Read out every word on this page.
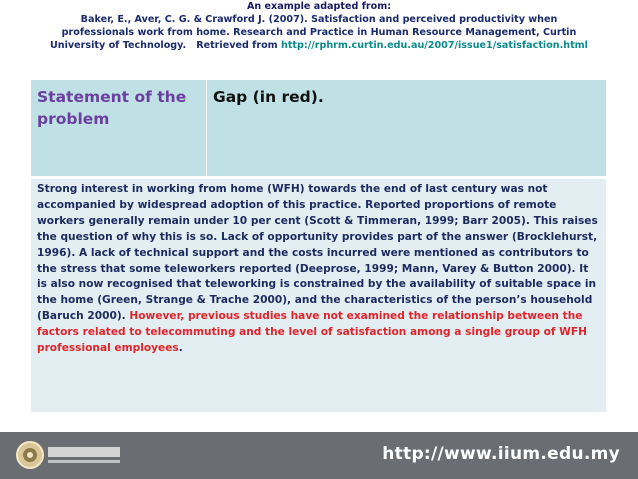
An example adapted from:
Baker, E., Aver, C. G. & Crawford J. (2007). Satisfaction and perceived productivity when
professionals work from home. Research and Practice in Human Resource Management, Curtin
University of Technology.   Retrieved from http://rphrm.curtin.edu.au/2007/issue1/satisfaction.html
Statement of the problem
Gap (in red).
Strong interest in working from home (WFH) towards the end of last century was not accompanied by widespread adoption of this practice. Reported proportions of remote workers generally remain under 10 per cent (Scott & Timmeran, 1999; Barr 2005). This raises the question of why this is so. Lack of opportunity provides part of the answer (Brocklehurst, 1996). A lack of technical support and the costs incurred were mentioned as contributors to the stress that some teleworkers reported (Deeprose, 1999; Mann, Varey & Button 2000). It is also now recognised that teleworking is constrained by the availability of suitable space in the home (Green, Strange & Trache 2000), and the characteristics of the person’s household (Baruch 2000). However, previous studies have not examined the relationship between the factors related to telecommuting and the level of satisfaction among a single group of WFH professional employees.
http://www.iium.edu.my
